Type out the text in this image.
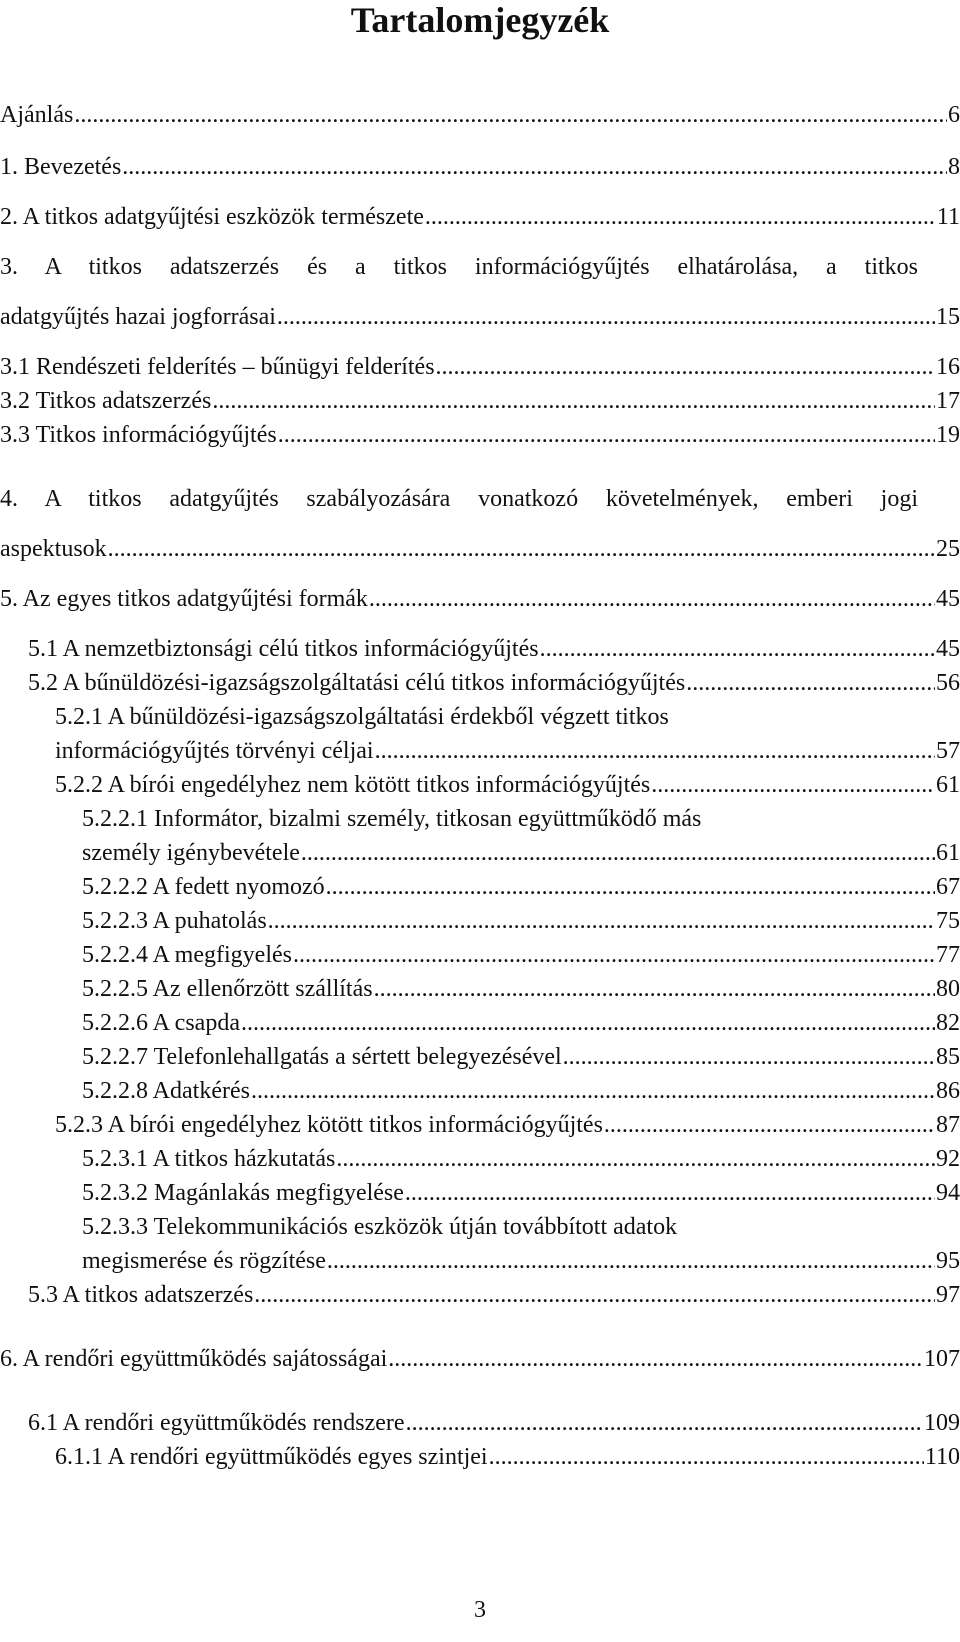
Tartalomjegyzék
Ajánlás .....	6
1. Bevezetés .....	8
2. A titkos adatgyűjtési eszközök természete .....	11
3. A titkos adatszerzés és a titkos információgyűjtés elhatárolása, a titkos
adatgyűjtés hazai jogforrásai .....	15
3.1 Rendészeti felderítés – bűnügyi felderítés .....	16
3.2 Titkos adatszerzés .....	17
3.3 Titkos információgyűjtés .....	19
4. A titkos adatgyűjtés szabályozására vonatkozó követelmények, emberi jogi
aspektusok .....	25
5. Az egyes titkos adatgyűjtési formák .....	45
5.1 A nemzetbiztonsági célú titkos információgyűjtés .....	45
5.2 A bűnüldözési-igazságszolgáltatási célú titkos információgyűjtés .....	56
5.2.1 A bűnüldözési-igazságszolgáltatási érdekből végzett titkos
információgyűjtés törvényi céljai .....	57
5.2.2 A bírói engedélyhez nem kötött titkos információgyűjtés .....	61
5.2.2.1 Informátor, bizalmi személy, titkosan együttműködő más
személy igénybevétele .....	61
5.2.2.2 A fedett nyomozó .....	67
5.2.2.3 A puhatolás .....	75
5.2.2.4 A megfigyelés .....	77
5.2.2.5 Az ellenőrzött szállítás .....	80
5.2.2.6 A csapda .....	82
5.2.2.7 Telefonlehallgatás a sértett belegyezésével .....	85
5.2.2.8 Adatkérés .....	86
5.2.3 A bírói engedélyhez kötött titkos információgyűjtés .....	87
5.2.3.1 A titkos házkutatás .....	92
5.2.3.2 Magánlakás megfigyelése .....	94
5.2.3.3 Telekommunikációs eszközök útján továbbított adatok
megismerése és rögzítése .....	95
5.3 A titkos adatszerzés .....	97
6. A rendőri együttműködés sajátosságai .....	107
6.1 A rendőri együttműködés rendszere .....	109
6.1.1 A rendőri együttműködés egyes szintjei .....	110
3
